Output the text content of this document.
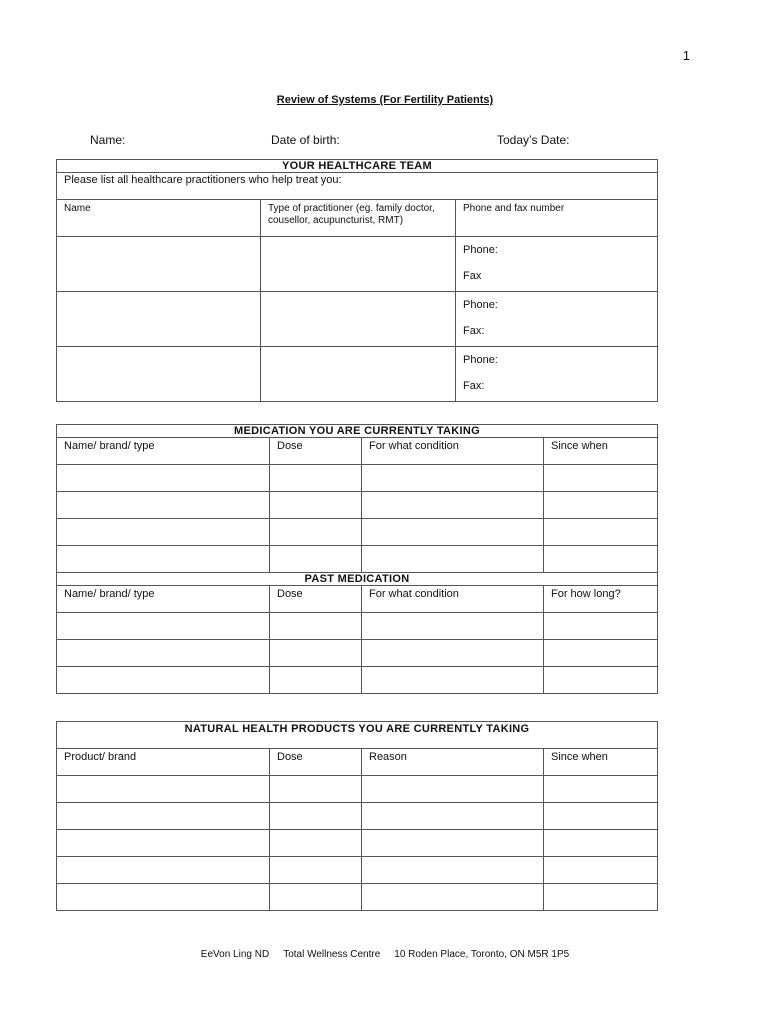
1
Review of Systems (For Fertility Patients)
Name:	Date of birth:	Today’s Date:
YOUR HEALTHCARE TEAM		
Please list all healthcare practitioners who help treat you:		
Name	Type of practitioner (eg. family doctor, cousellor, acupuncturist, RMT)	Phone and fax number

		Phone:
Fax

		Phone:
Fax:

		Phone:
Fax:
MEDICATION YOU ARE CURRENTLY TAKING			
Name/ brand/ type	Dose	For what condition	Since when

PAST MEDICATION			
Name/ brand/ type	Dose	For what condition	For how long?

NATURAL HEALTH PRODUCTS YOU ARE CURRENTLY TAKING			
Product/ brand	Dose	Reason	Since when

EeVon Ling ND Total Wellness Centre 10 Roden Place, Toronto, ON M5R 1P5
